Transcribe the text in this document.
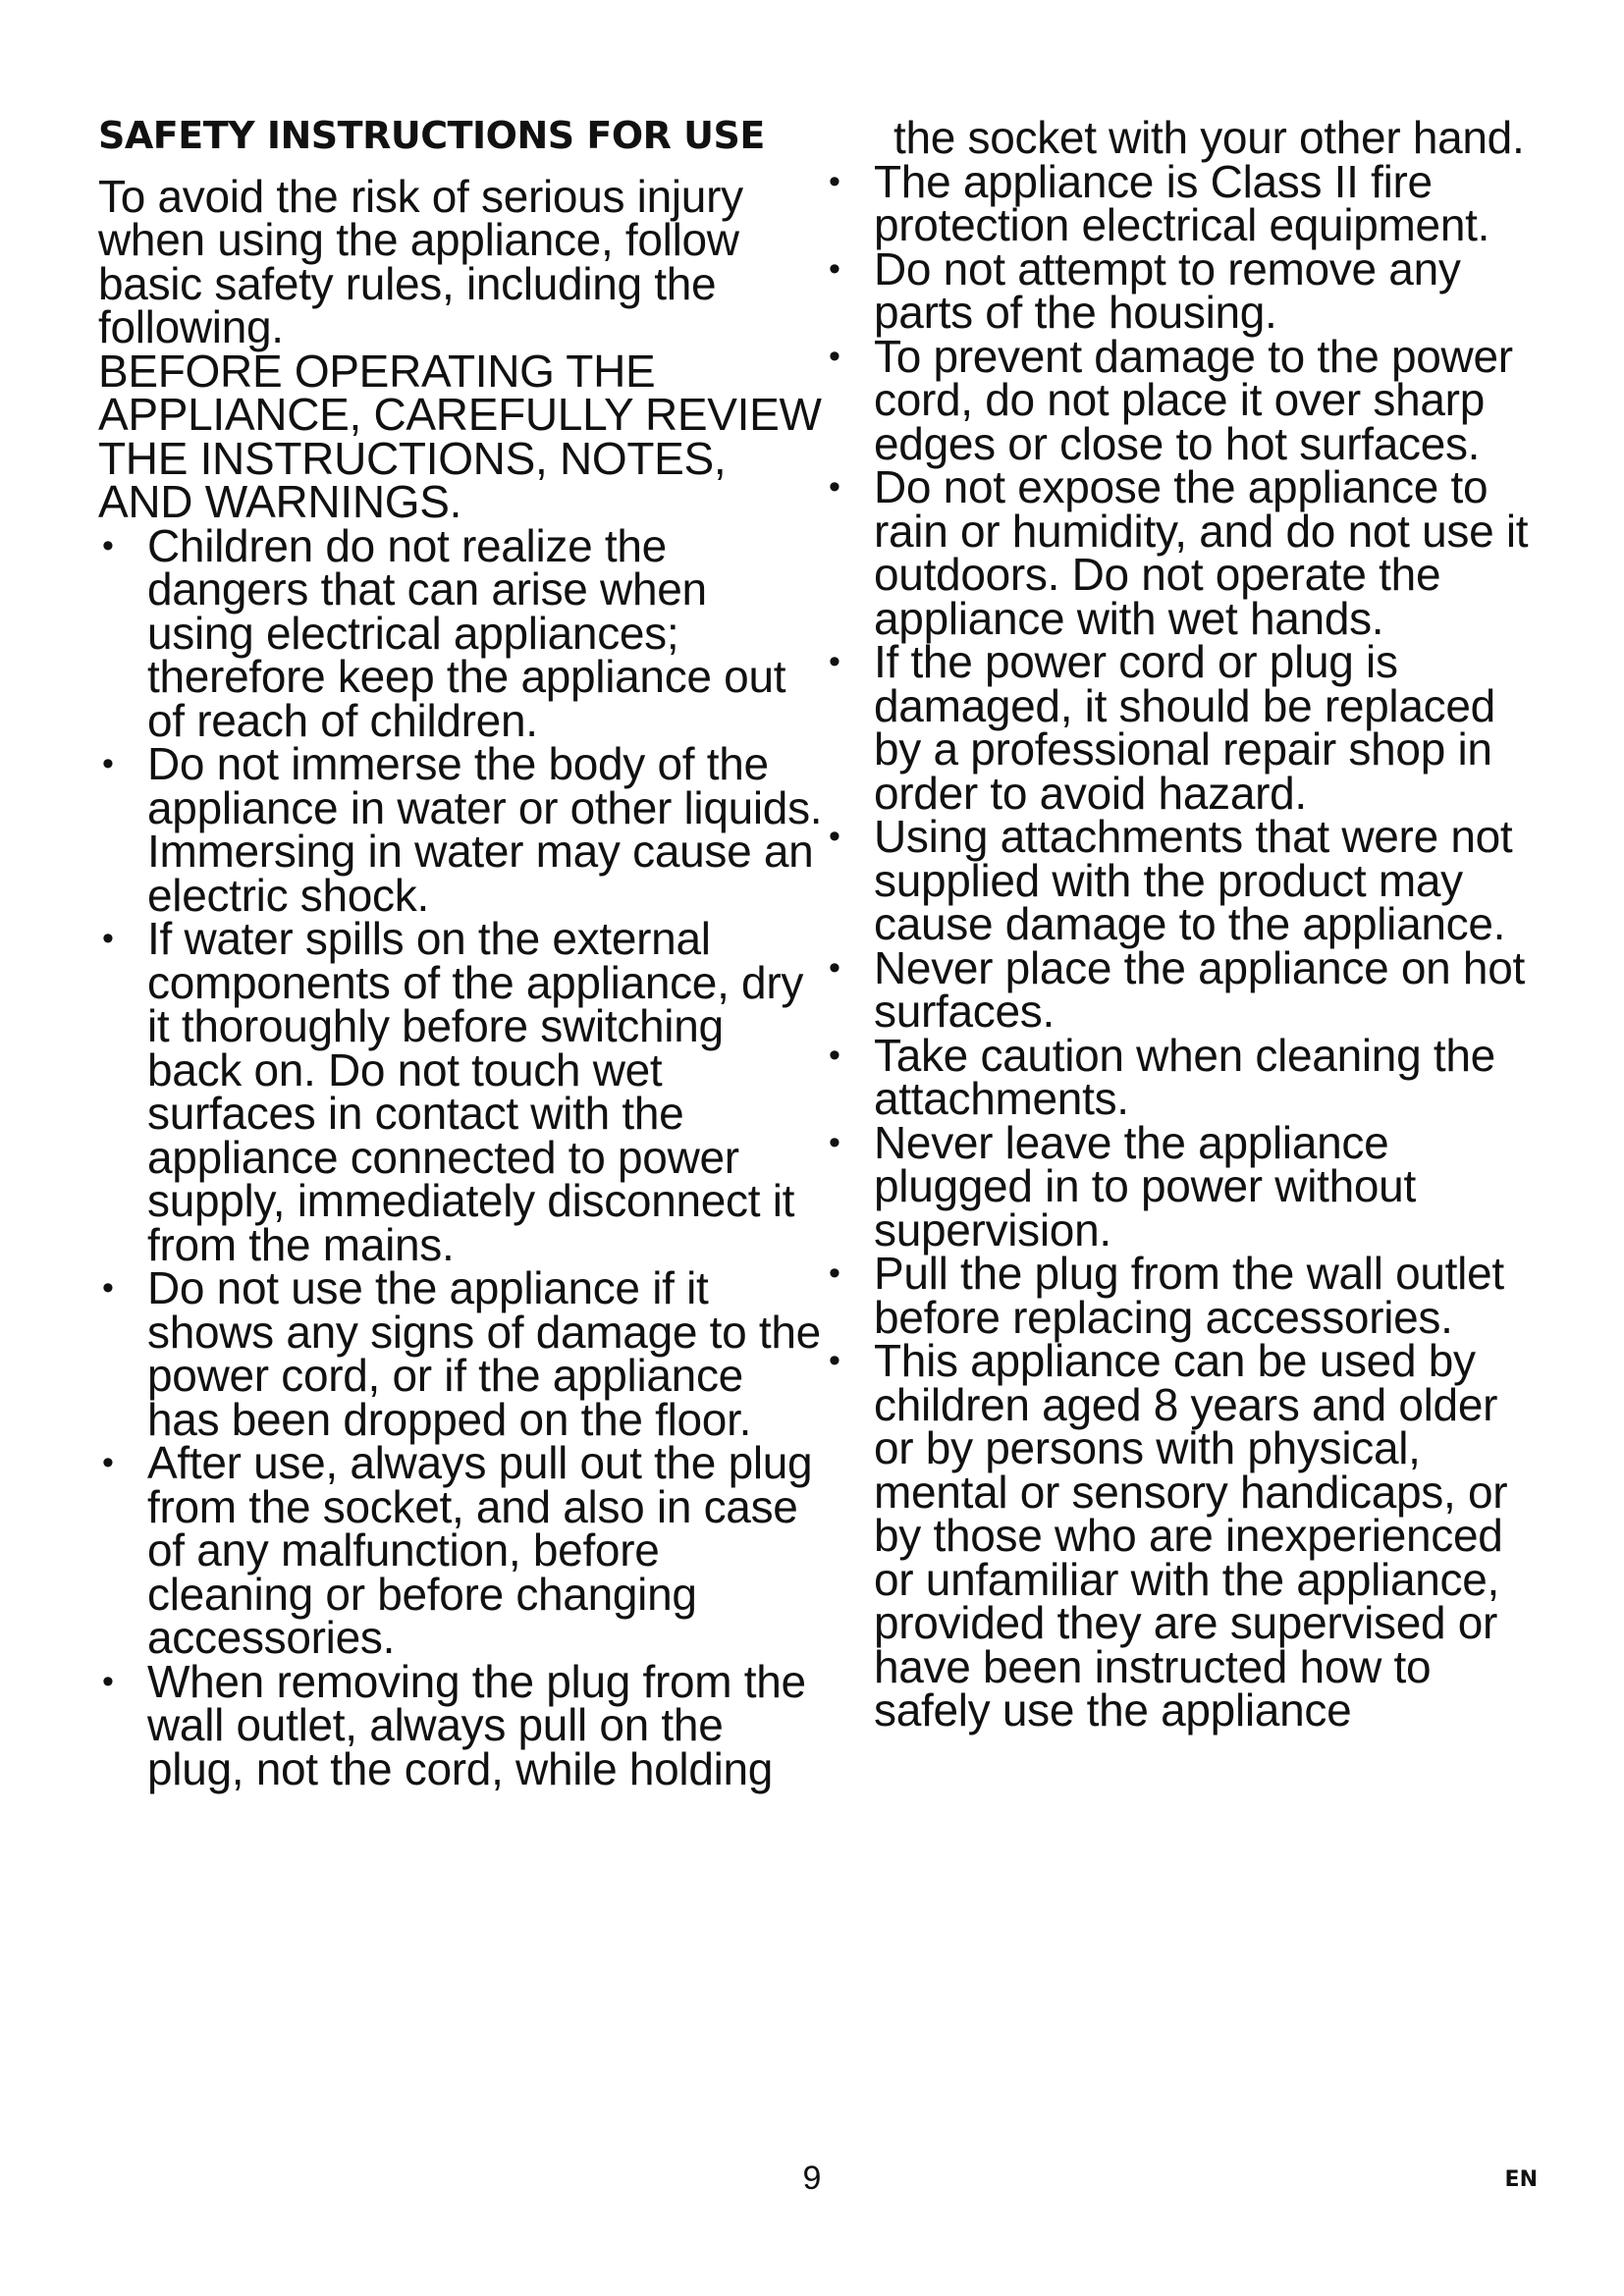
SAFETY INSTRUCTIONS FOR USE

To avoid the risk of serious injury when using the appliance, follow basic safety rules, including the following.

BEFORE OPERATING THE APPLIANCE, CAREFULLY REVIEW THE INSTRUCTIONS, NOTES, AND WARNINGS.

• Children do not realize the dangers that can arise when using electrical appliances; therefore keep the appliance out of reach of children.
• Do not immerse the body of the appliance in water or other liquids. Immersing in water may cause an electric shock.
• If water spills on the external components of the appliance, dry it thoroughly before switching back on. Do not touch wet surfaces in contact with the appliance connected to power supply, immediately disconnect it from the mains.
• Do not use the appliance if it shows any signs of damage to the power cord, or if the appliance has been dropped on the floor.
• After use, always pull out the plug from the socket, and also in case of any malfunction, before cleaning or before changing accessories.
• When removing the plug from the wall outlet, always pull on the plug, not the cord, while holding

the socket with your other hand.

• The appliance is Class II fire protection electrical equipment.
• Do not attempt to remove any parts of the housing.
• To prevent damage to the power cord, do not place it over sharp edges or close to hot surfaces.
• Do not expose the appliance to rain or humidity, and do not use it outdoors. Do not operate the appliance with wet hands.
• If the power cord or plug is damaged, it should be replaced by a professional repair shop in order to avoid hazard.
• Using attachments that were not supplied with the product may cause damage to the appliance.
• Never place the appliance on hot surfaces.
• Take caution when cleaning the attachments.
• Never leave the appliance plugged in to power without supervision.
• Pull the plug from the wall outlet before replacing accessories.
• This appliance can be used by children aged 8 years and older or by persons with physical, mental or sensory handicaps, or by those who are inexperienced or unfamiliar with the appliance, provided they are supervised or have been instructed how to safely use the appliance
9	EN
